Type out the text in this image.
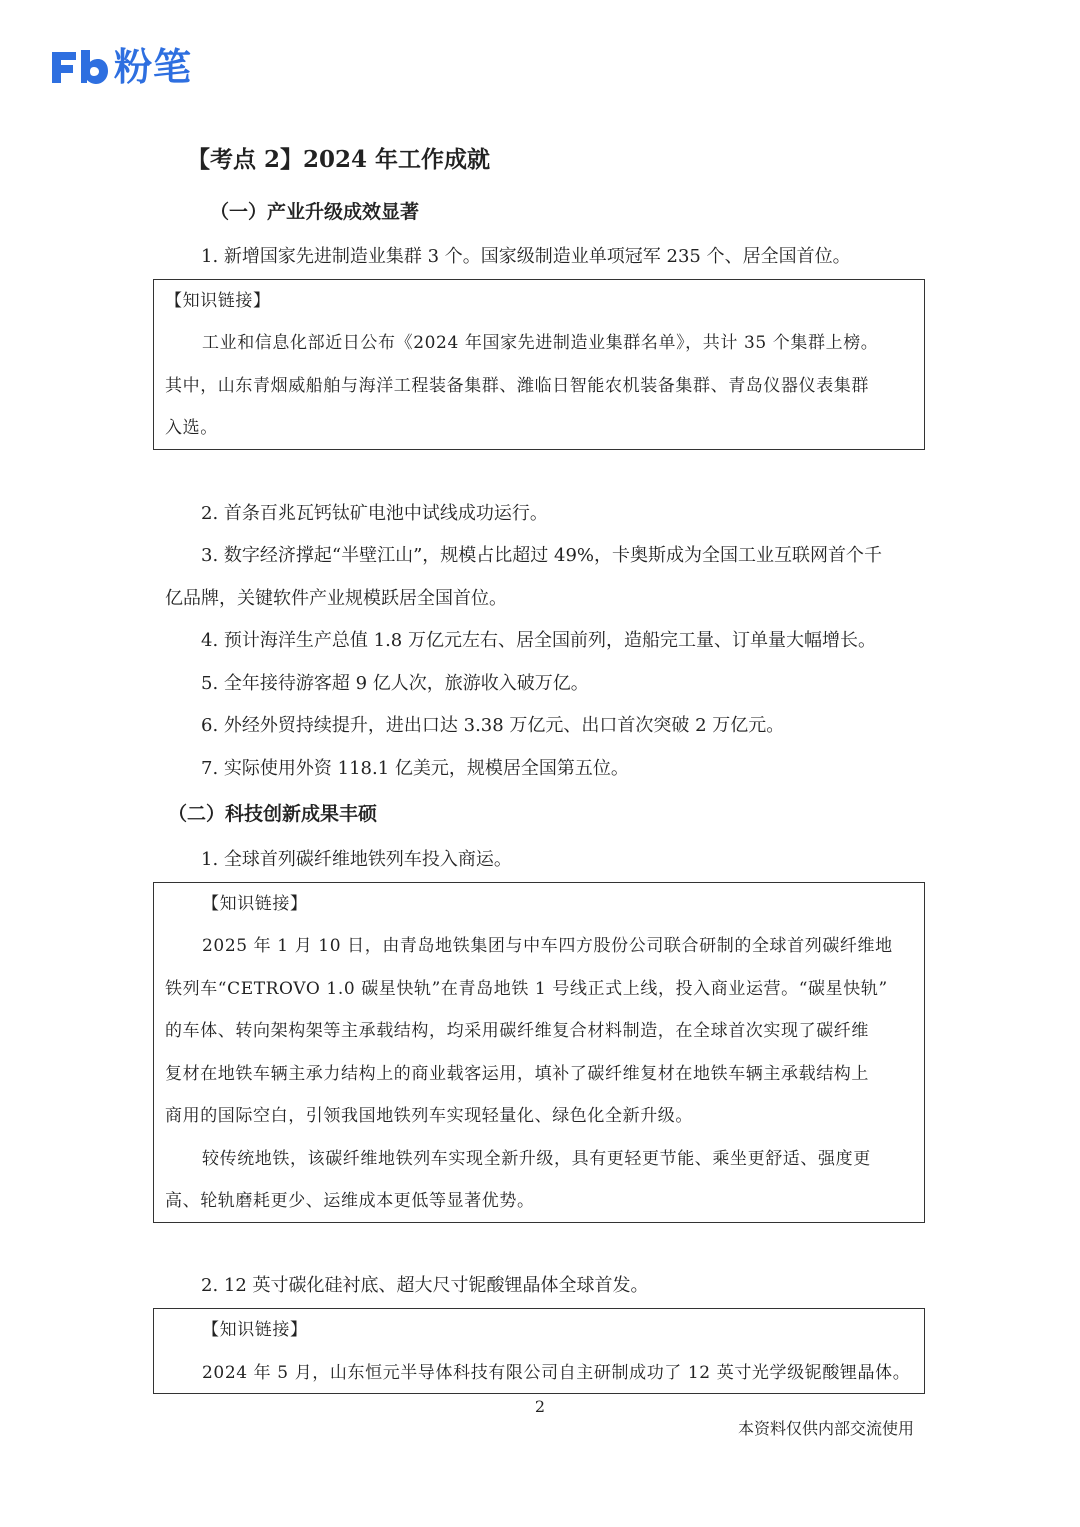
粉笔
【考点 2】2024 年工作成就
（一）产业升级成效显著
1. 新增国家先进制造业集群 3 个。国家级制造业单项冠军 235 个、居全国首位。
【知识链接】
工业和信息化部近日公布《2024 年国家先进制造业集群名单》，共计 35 个集群上榜。
其中，山东青烟威船舶与海洋工程装备集群、潍临日智能农机装备集群、青岛仪器仪表集群
入选。
2. 首条百兆瓦钙钛矿电池中试线成功运行。
3. 数字经济撑起“半壁江山”，规模占比超过 49%，卡奥斯成为全国工业互联网首个千
亿品牌，关键软件产业规模跃居全国首位。
4. 预计海洋生产总值 1.8 万亿元左右、居全国前列，造船完工量、订单量大幅增长。
5. 全年接待游客超 9 亿人次，旅游收入破万亿。
6. 外经外贸持续提升，进出口达 3.38 万亿元、出口首次突破 2 万亿元。
7. 实际使用外资 118.1 亿美元，规模居全国第五位。
（二）科技创新成果丰硕
1. 全球首列碳纤维地铁列车投入商运。
【知识链接】
2025 年 1 月 10 日，由青岛地铁集团与中车四方股份公司联合研制的全球首列碳纤维地
铁列车“CETROVO 1.0 碳星快轨”在青岛地铁 1 号线正式上线，投入商业运营。“碳星快轨”
的车体、转向架构架等主承载结构，均采用碳纤维复合材料制造，在全球首次实现了碳纤维
复材在地铁车辆主承力结构上的商业载客运用，填补了碳纤维复材在地铁车辆主承载结构上
商用的国际空白，引领我国地铁列车实现轻量化、绿色化全新升级。
较传统地铁，该碳纤维地铁列车实现全新升级，具有更轻更节能、乘坐更舒适、强度更
高、轮轨磨耗更少、运维成本更低等显著优势。
2. 12 英寸碳化硅衬底、超大尺寸铌酸锂晶体全球首发。
【知识链接】
2024 年 5 月，山东恒元半导体科技有限公司自主研制成功了 12 英寸光学级铌酸锂晶体。
2
本资料仅供内部交流使用
